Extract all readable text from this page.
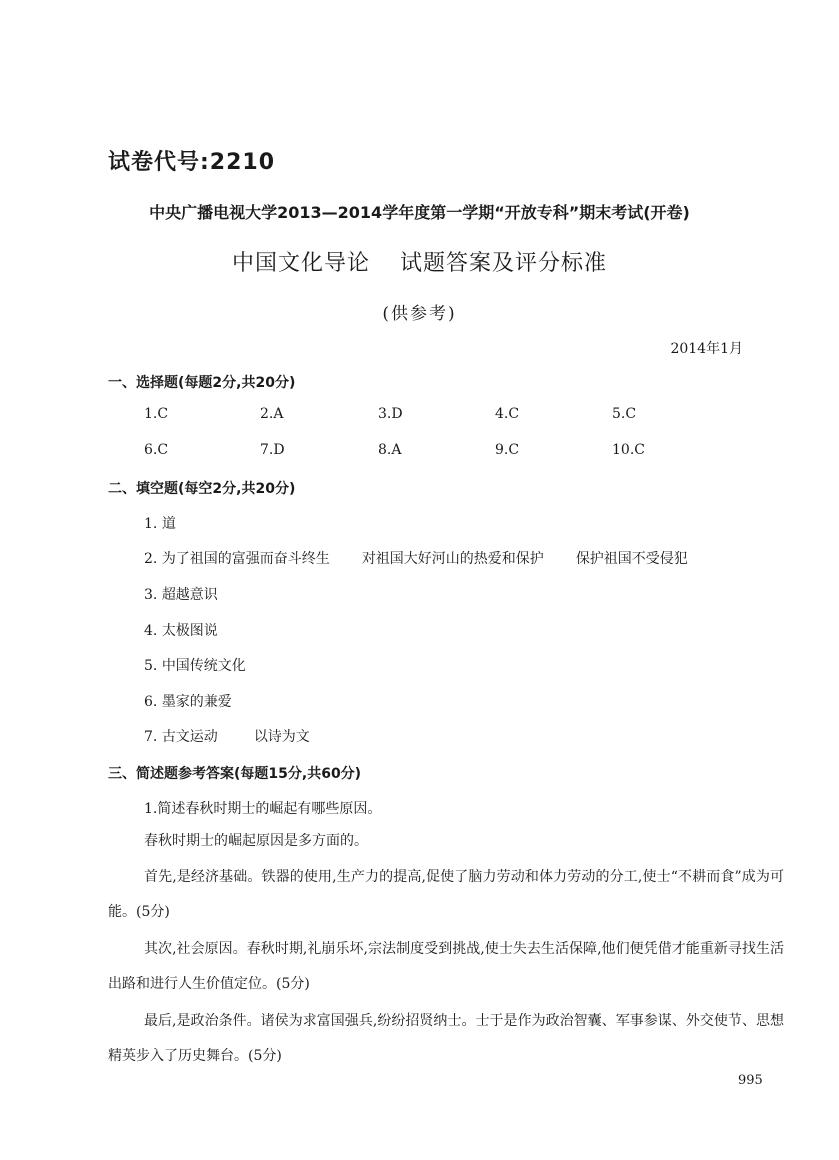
试卷代号:2210
中央广播电视大学2013—2014学年度第一学期“开放专科”期末考试(开卷)
中国文化导论 试题答案及评分标准
(供参考)
2014年1月
一、选择题(每题2分,共20分)
1.C	2.A	3.D	4.C	5.C
6.C	7.D	8.A	9.C	10.C
二、填空题(每空2分,共20分)
1. 道
2. 为了祖国的富强而奋斗终生 对祖国大好河山的热爱和保护 保护祖国不受侵犯
3. 超越意识
4. 太极图说
5. 中国传统文化
6. 墨家的兼爱
7. 古文运动	以诗为文
三、简述题参考答案(每题15分,共60分)
1.简述春秋时期士的崛起有哪些原因。
春秋时期士的崛起原因是多方面的。
首先,是经济基础。铁器的使用,生产力的提高,促使了脑力劳动和体力劳动的分工,使士“不耕而食”成为可能。(5分)
其次,社会原因。春秋时期,礼崩乐坏,宗法制度受到挑战,使士失去生活保障,他们便凭借才能重新寻找生活出路和进行人生价值定位。(5分)
最后,是政治条件。诸侯为求富国强兵,纷纷招贤纳士。士于是作为政治智囊、军事参谋、外交使节、思想精英步入了历史舞台。(5分)
995
